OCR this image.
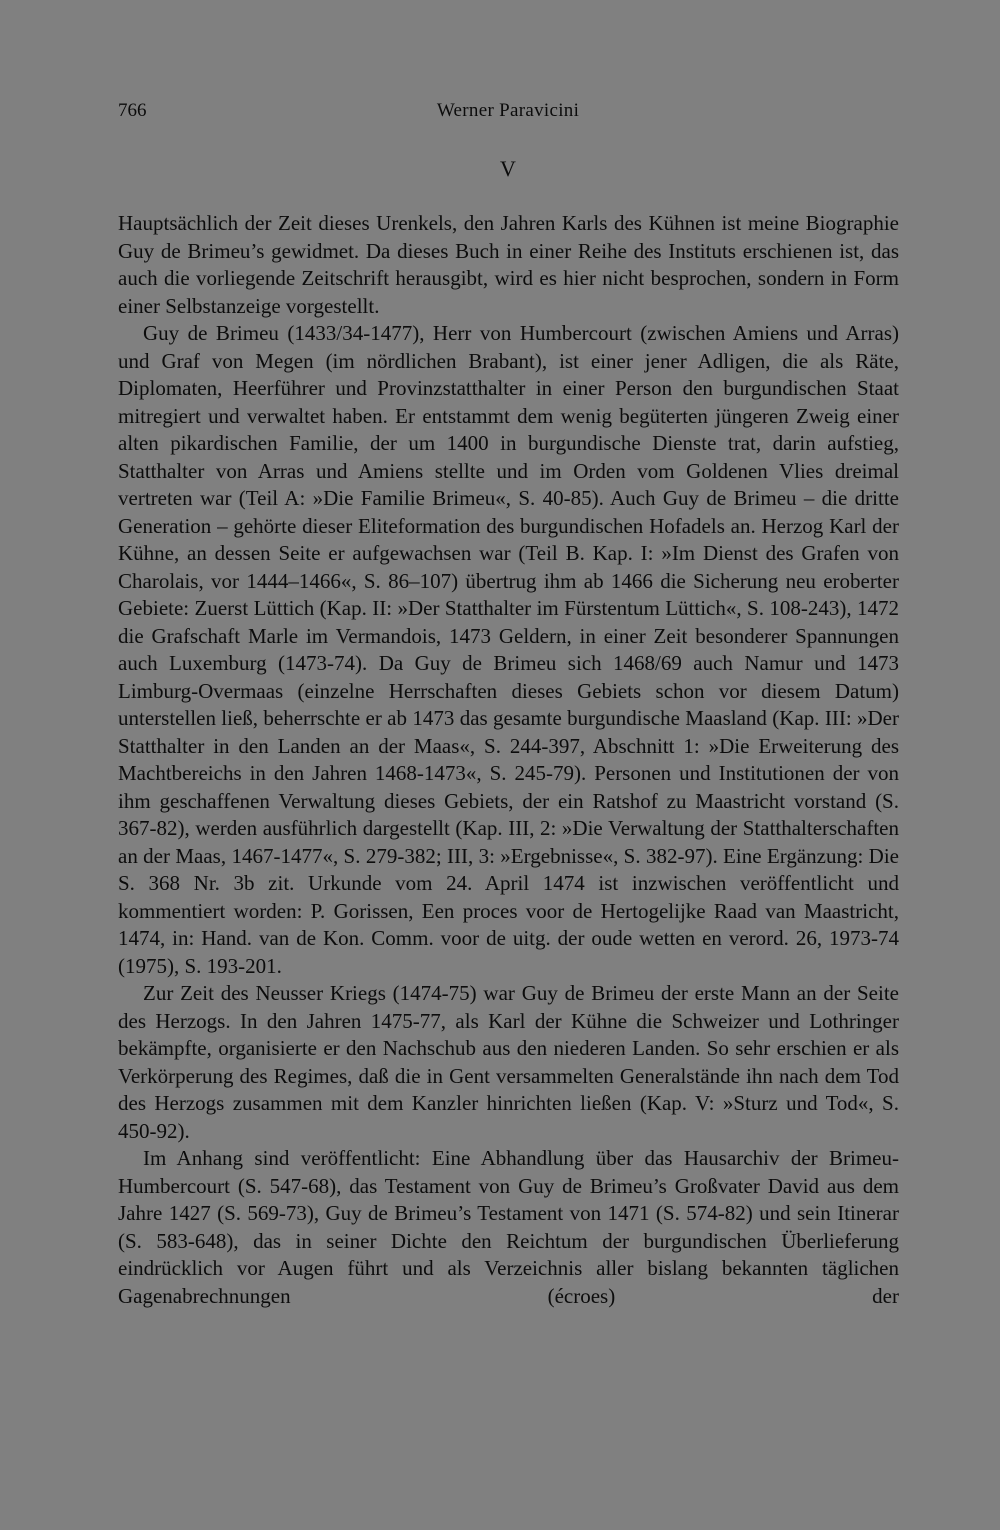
766	Werner Paravicini
V

Hauptsächlich der Zeit dieses Urenkels, den Jahren Karls des Kühnen ist meine Biographie Guy de Brimeu’s gewidmet. Da dieses Buch in einer Reihe des Instituts erschienen ist, das auch die vorliegende Zeitschrift herausgibt, wird es hier nicht besprochen, sondern in Form einer Selbstanzeige vorgestellt.

Guy de Brimeu (1433/34-1477), Herr von Humbercourt (zwischen Amiens und Arras) und Graf von Megen (im nördlichen Brabant), ist einer jener Adligen, die als Räte, Diplomaten, Heerführer und Provinzstatthalter in einer Person den burgundischen Staat mitregiert und verwaltet haben. Er entstammt dem wenig begüterten jüngeren Zweig einer alten pikardischen Familie, der um 1400 in burgundische Dienste trat, darin aufstieg, Statthalter von Arras und Amiens stellte und im Orden vom Goldenen Vlies dreimal vertreten war (Teil A: »Die Familie Brimeu«, S. 40-85). Auch Guy de Brimeu – die dritte Generation – gehörte dieser Eliteformation des burgundischen Hofadels an. Herzog Karl der Kühne, an dessen Seite er aufgewachsen war (Teil B. Kap. I: »Im Dienst des Grafen von Charolais, vor 1444–1466«, S. 86–107) übertrug ihm ab 1466 die Sicherung neu eroberter Gebiete: Zuerst Lüttich (Kap. II: »Der Statthalter im Fürstentum Lüttich«, S. 108-243), 1472 die Grafschaft Marle im Vermandois, 1473 Geldern, in einer Zeit besonderer Spannungen auch Luxemburg (1473-74). Da Guy de Brimeu sich 1468/69 auch Namur und 1473 Limburg-Overmaas (einzelne Herrschaften dieses Gebiets schon vor diesem Datum) unterstellen ließ, beherrschte er ab 1473 das gesamte burgundische Maasland (Kap. III: »Der Statthalter in den Landen an der Maas«, S. 244-397, Abschnitt 1: »Die Erweiterung des Machtbereichs in den Jahren 1468-1473«, S. 245-79). Personen und Institutionen der von ihm geschaffenen Verwaltung dieses Gebiets, der ein Ratshof zu Maastricht vorstand (S. 367-82), werden ausführlich dargestellt (Kap. III, 2: »Die Verwaltung der Statthalterschaften an der Maas, 1467-1477«, S. 279-382; III, 3: »Ergebnisse«, S. 382-97). Eine Ergänzung: Die S. 368 Nr. 3b zit. Urkunde vom 24. April 1474 ist inzwischen veröffentlicht und kommentiert worden: P. Gorissen, Een proces voor de Hertogelijke Raad van Maastricht, 1474, in: Hand. van de Kon. Comm. voor de uitg. der oude wetten en verord. 26, 1973-74 (1975), S. 193-201.

Zur Zeit des Neusser Kriegs (1474-75) war Guy de Brimeu der erste Mann an der Seite des Herzogs. In den Jahren 1475-77, als Karl der Kühne die Schweizer und Lothringer bekämpfte, organisierte er den Nachschub aus den niederen Landen. So sehr erschien er als Verkörperung des Regimes, daß die in Gent versammelten Generalstände ihn nach dem Tod des Herzogs zusammen mit dem Kanzler hinrichten ließen (Kap. V: »Sturz und Tod«, S. 450-92).

Im Anhang sind veröffentlicht: Eine Abhandlung über das Hausarchiv der Brimeu-Humbercourt (S. 547-68), das Testament von Guy de Brimeu’s Großvater David aus dem Jahre 1427 (S. 569-73), Guy de Brimeu’s Testament von 1471 (S. 574-82) und sein Itinerar (S. 583-648), das in seiner Dichte den Reichtum der burgundischen Überlieferung eindrücklich vor Augen führt und als Verzeichnis aller bislang bekannten täglichen Gagenabrechnungen (écroes) der
